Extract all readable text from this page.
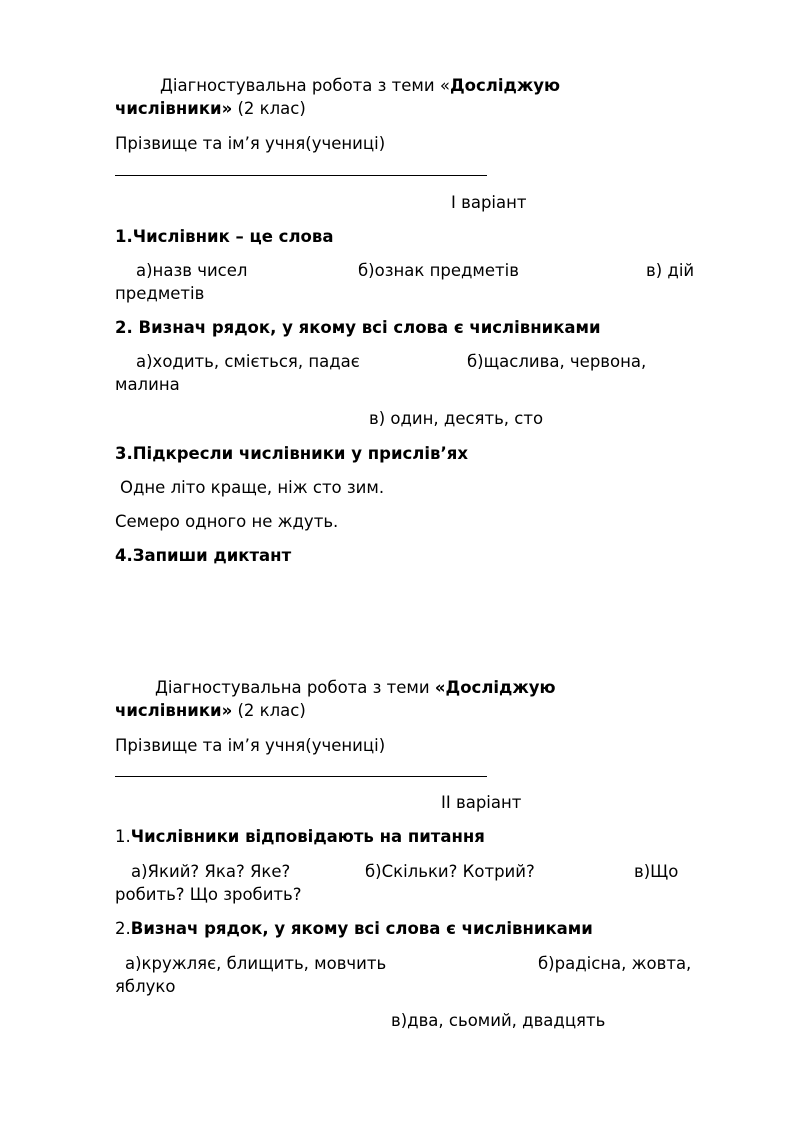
Діагностувальна робота з теми «Досліджую
числівники» (2 клас)
Прізвище та ім’я учня(учениці)
І варіант
1.Числівник – це слова
а)назв чисел	б)ознак предметів	в) дій
предметів
2. Визнач рядок, у якому всі слова є числівниками
а)ходить, сміється, падає	б)щаслива, червона,
малина
в) один, десять, сто
3.Підкресли числівники у прислів’ях
Одне літо краще, ніж сто зим.
Семеро одного не ждуть.
4.Запиши диктант
Діагностувальна робота з теми «Досліджую
числівники» (2 клас)
Прізвище та ім’я учня(учениці)
ІІ варіант
1.Числівники відповідають на питання
а)Який? Яка? Яке?	б)Скільки? Котрий?	в)Що
робить? Що зробить?
2.Визнач рядок, у якому всі слова є числівниками
а)кружляє, блищить, мовчить	б)радісна, жовта,
яблуко
в)два, сьомий, двадцять
